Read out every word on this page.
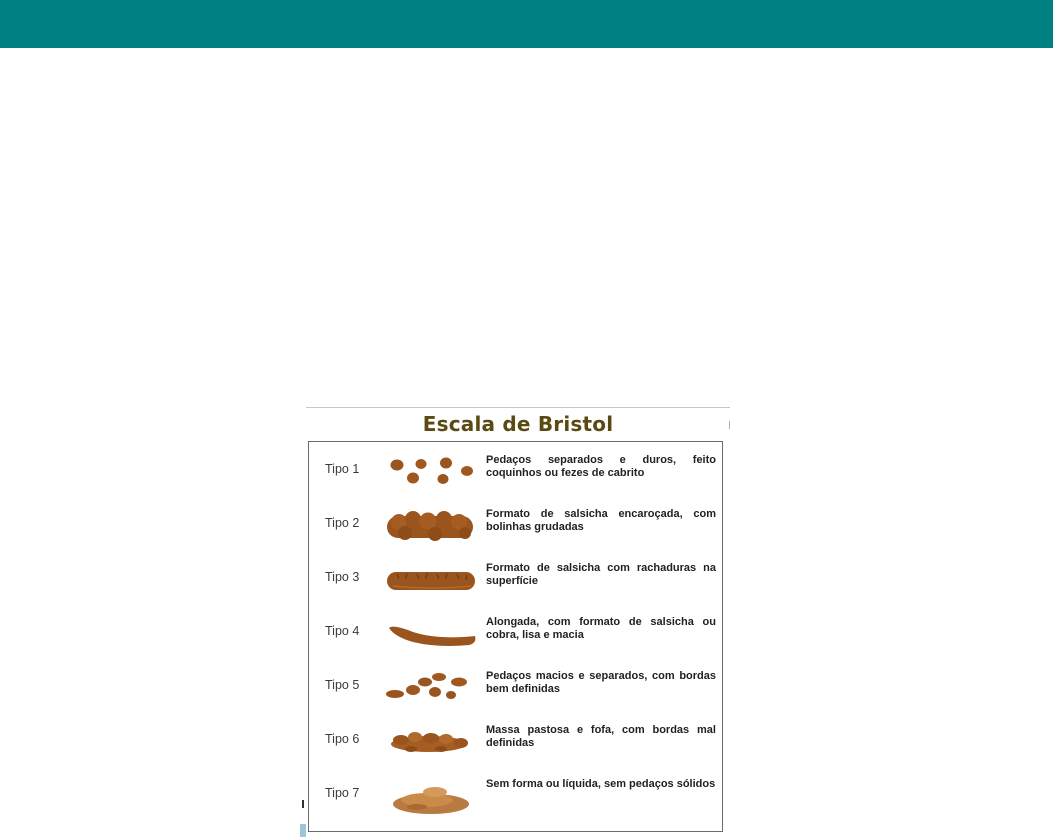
Escala de Bristol
Tipo 1
Pedaços separados e duros, feito coquinhos ou fezes de cabrito
Tipo 2
Formato de salsicha encaroçada, com bolinhas grudadas
Tipo 3
Formato de salsicha com rachaduras na superfície
Tipo 4
Alongada, com formato de salsicha ou cobra, lisa e macia
Tipo 5
Pedaços macios e separados, com bordas bem definidas
Tipo 6
Massa pastosa e fofa, com bordas mal definidas
Tipo 7
Sem forma ou líquida, sem pedaços sólidos
